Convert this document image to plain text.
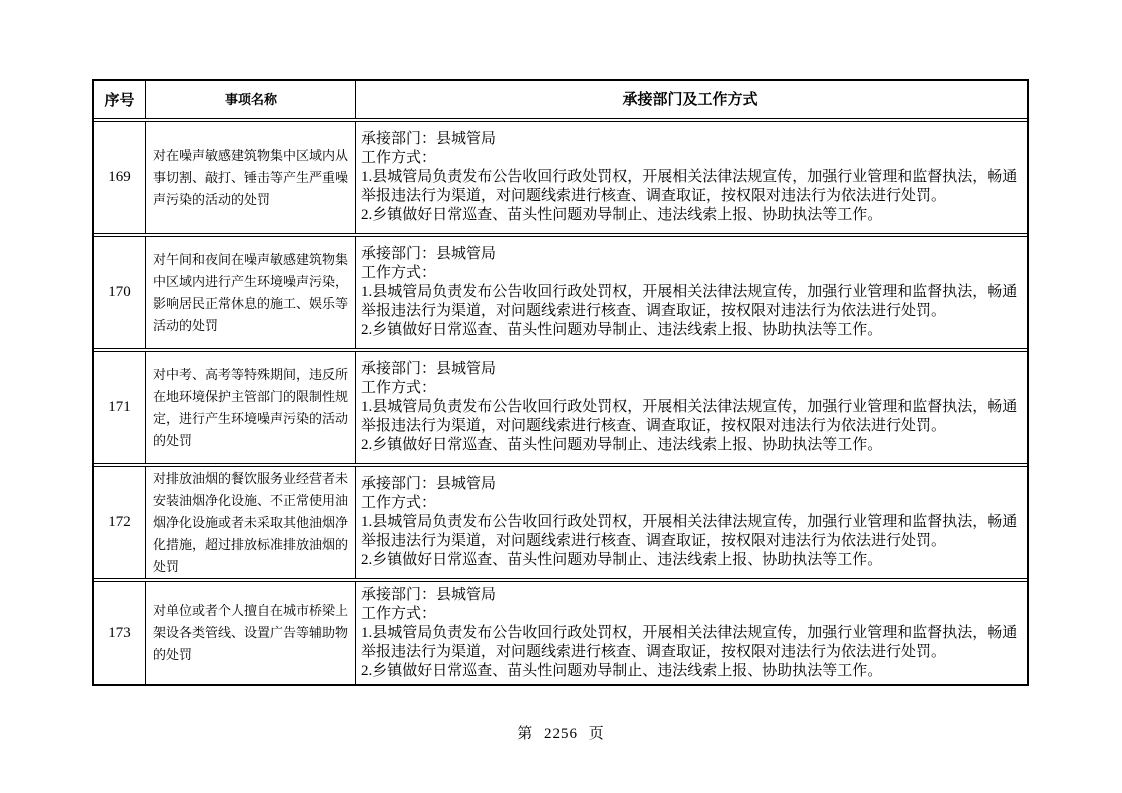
序号	事项名称	承接部门及工作方式
169
对在噪声敏感建筑物集中区域内从事切割、敲打、锤击等产生严重噪声污染的活动的处罚
承接部门：县城管局
工作方式：
1.县城管局负责发布公告收回行政处罚权，开展相关法律法规宣传，加强行业管理和监督执法，畅通举报违法行为渠道，对问题线索进行核查、调查取证，按权限对违法行为依法进行处罚。
2.乡镇做好日常巡查、苗头性问题劝导制止、违法线索上报、协助执法等工作。
170
对午间和夜间在噪声敏感建筑物集中区域内进行产生环境噪声污染，影响居民正常休息的施工、娱乐等活动的处罚
承接部门：县城管局
工作方式：
1.县城管局负责发布公告收回行政处罚权，开展相关法律法规宣传，加强行业管理和监督执法，畅通举报违法行为渠道，对问题线索进行核查、调查取证，按权限对违法行为依法进行处罚。
2.乡镇做好日常巡查、苗头性问题劝导制止、违法线索上报、协助执法等工作。
171
对中考、高考等特殊期间，违反所在地环境保护主管部门的限制性规定，进行产生环境噪声污染的活动的处罚
承接部门：县城管局
工作方式：
1.县城管局负责发布公告收回行政处罚权，开展相关法律法规宣传，加强行业管理和监督执法，畅通举报违法行为渠道，对问题线索进行核查、调查取证，按权限对违法行为依法进行处罚。
2.乡镇做好日常巡查、苗头性问题劝导制止、违法线索上报、协助执法等工作。
172
对排放油烟的餐饮服务业经营者未安装油烟净化设施、不正常使用油烟净化设施或者未采取其他油烟净化措施，超过排放标准排放油烟的处罚
承接部门：县城管局
工作方式：
1.县城管局负责发布公告收回行政处罚权，开展相关法律法规宣传，加强行业管理和监督执法，畅通举报违法行为渠道，对问题线索进行核查、调查取证，按权限对违法行为依法进行处罚。
2.乡镇做好日常巡查、苗头性问题劝导制止、违法线索上报、协助执法等工作。
173
对单位或者个人擅自在城市桥梁上架设各类管线、设置广告等辅助物的处罚
承接部门：县城管局
工作方式：
1.县城管局负责发布公告收回行政处罚权，开展相关法律法规宣传，加强行业管理和监督执法，畅通举报违法行为渠道，对问题线索进行核查、调查取证，按权限对违法行为依法进行处罚。
2.乡镇做好日常巡查、苗头性问题劝导制止、违法线索上报、协助执法等工作。
第 2256 页
